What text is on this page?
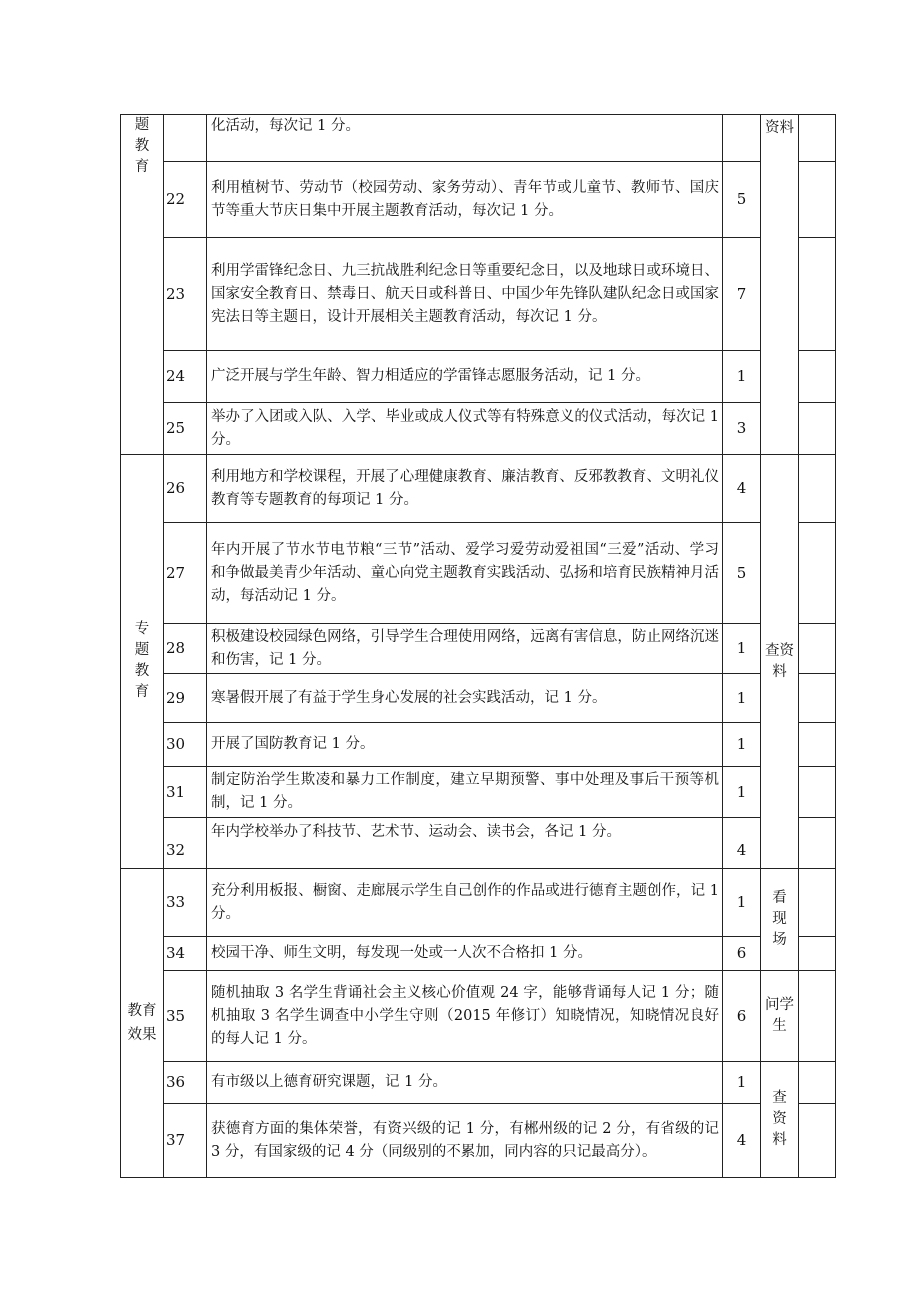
题教育		化活动，每次记 1 分。		资料	
	22	利用植树节、劳动节（校园劳动、家务劳动）、青年节或儿童节、教师节、国庆节等重大节庆日集中开展主题教育活动，每次记 1 分。	5		
	23	利用学雷锋纪念日、九三抗战胜利纪念日等重要纪念日，以及地球日或环境日、国家安全教育日、禁毒日、航天日或科普日、中国少年先锋队建队纪念日或国家宪法日等主题日，设计开展相关主题教育活动，每次记 1 分。	7		
	24	广泛开展与学生年龄、智力相适应的学雷锋志愿服务活动，记 1 分。	1		
	25	举办了入团或入队、入学、毕业或成人仪式等有特殊意义的仪式活动，每次记 1 分。	3		
专题教育	26	利用地方和学校课程，开展了心理健康教育、廉洁教育、反邪教教育、文明礼仪教育等专题教育的每项记 1 分。	4	查资料	
	27	年内开展了节水节电节粮“三节”活动、爱学习爱劳动爱祖国“三爱”活动、学习和争做最美青少年活动、童心向党主题教育实践活动、弘扬和培育民族精神月活动，每活动记 1 分。	5		
	28	积极建设校园绿色网络，引导学生合理使用网络，远离有害信息，防止网络沉迷和伤害，记 1 分。	1		
	29	寒暑假开展了有益于学生身心发展的社会实践活动，记 1 分。	1		
	30	开展了国防教育记 1 分。	1		
	31	制定防治学生欺凌和暴力工作制度，建立早期预警、事中处理及事后干预等机制，记 1 分。	1		
	32	年内学校举办了科技节、艺术节、运动会、读书会，各记 1 分。	4		
教育效果	33	充分利用板报、橱窗、走廊展示学生自己创作的作品或进行德育主题创作，记 1 分。	1	看现场	
	34	校园干净、师生文明，每发现一处或一人次不合格扣 1 分。	6		
	35	随机抽取 3 名学生背诵社会主义核心价值观 24 字，能够背诵每人记 1 分；随机抽取 3 名学生调查中小学生守则（2015 年修订）知晓情况，知晓情况良好的每人记 1 分。	6	问学生	
	36	有市级以上德育研究课题，记 1 分。	1	查资料	
	37	获德育方面的集体荣誉，有资兴级的记 1 分，有郴州级的记 2 分，有省级的记 3 分，有国家级的记 4 分（同级别的不累加，同内容的只记最高分）。	4		
